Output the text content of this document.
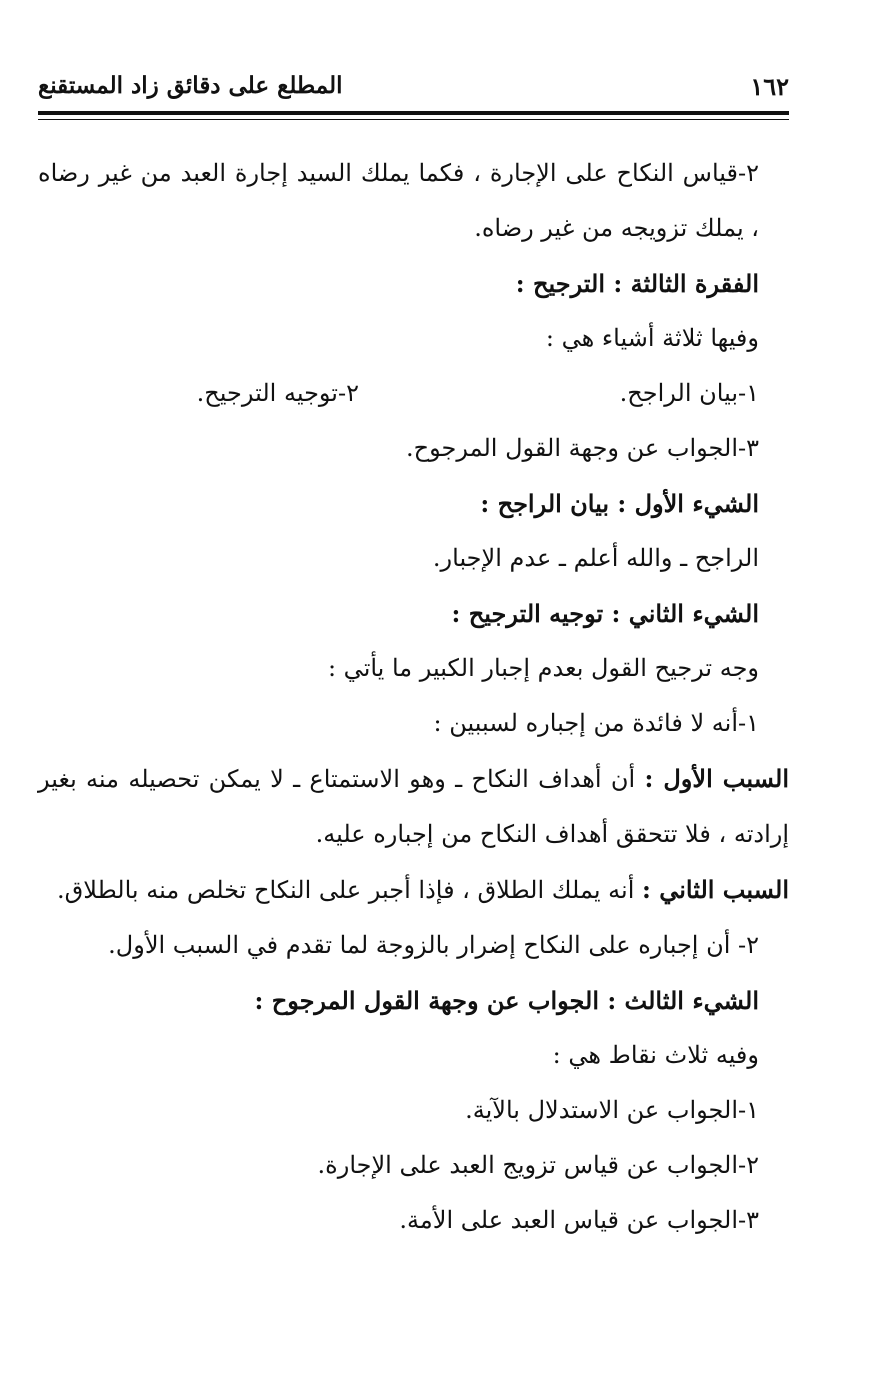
١٦٢
المطلع على دقائق زاد المستقنع

٢-قياس النكاح على الإجارة ، فكما يملك السيد إجارة العبد من غير رضاه ، يملك تزويجه من غير رضاه.

الفقرة الثالثة : الترجيح :

وفيها ثلاثة أشياء هي :

١-بيان الراجح.
٢-توجيه الترجيح.

٣-الجواب عن وجهة القول المرجوح.

الشيء الأول : بيان الراجح :

الراجح ـ والله أعلم ـ عدم الإجبار.

الشيء الثاني : توجيه الترجيح :

وجه ترجيح القول بعدم إجبار الكبير ما يأتي :

١-أنه لا فائدة من إجباره لسببين :

السبب الأول : أن أهداف النكاح ـ وهو الاستمتاع ـ لا يمكن تحصيله منه بغير إرادته ، فلا تتحقق أهداف النكاح من إجباره عليه.

السبب الثاني : أنه يملك الطلاق ، فإذا أجبر على النكاح تخلص منه بالطلاق.

٢- أن إجباره على النكاح إضرار بالزوجة لما تقدم في السبب الأول.

الشيء الثالث : الجواب عن وجهة القول المرجوح :

وفيه ثلاث نقاط هي :

١-الجواب عن الاستدلال بالآية.

٢-الجواب عن قياس تزويج العبد على الإجارة.

٣-الجواب عن قياس العبد على الأمة.
